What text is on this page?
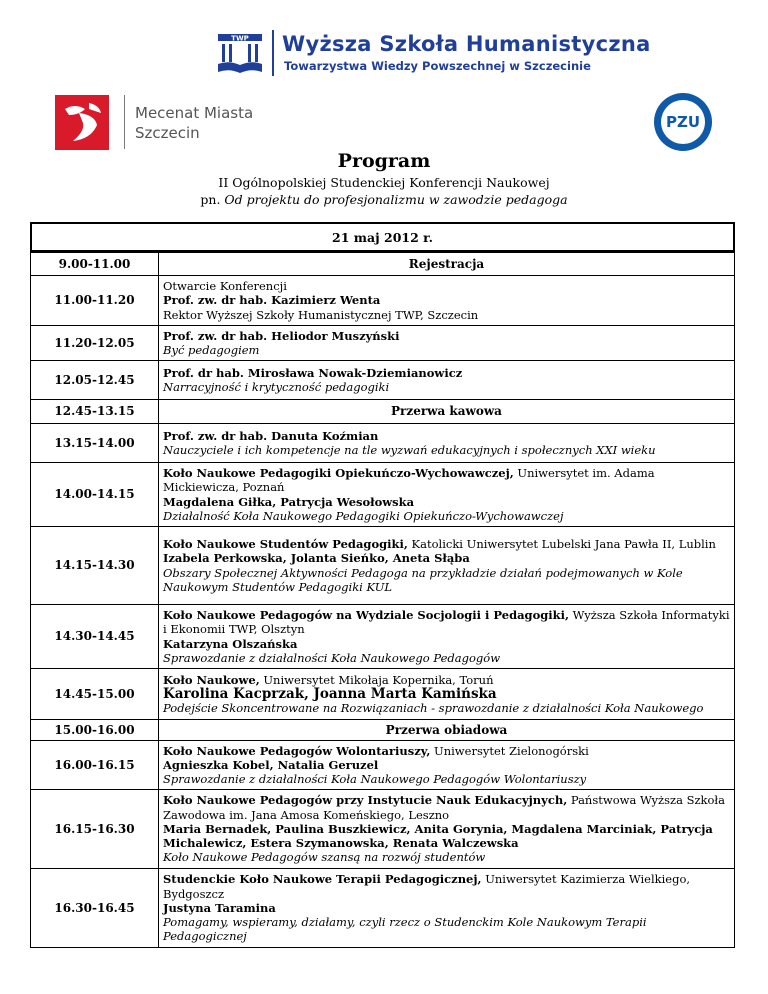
TWP Wyższa Szkoła Humanistyczna
Towarzystwa Wiedzy Powszechnej w Szczecinie
Mecenat Miasta
Szczecin
PZU
Program
II Ogólnopolskiej Studenckiej Konferencji Naukowej
pn. Od projektu do profesjonalizmu w zawodzie pedagoga
21 maj 2012 r.
9.00-11.00	Rejestracja
11.00-11.20	Otwarcie Konferencji
Prof. zw. dr hab. Kazimierz Wenta
Rektor Wyższej Szkoły Humanistycznej TWP, Szczecin

11.20-12.05	Prof. zw. dr hab. Heliodor Muszyński
Być pedagogiem

12.05-12.45	Prof. dr hab. Mirosława Nowak-Dziemianowicz
Narracyjność i krytyczność pedagogiki

12.45-13.15	Przerwa kawowa
13.15-14.00	Prof. zw. dr hab. Danuta Koźmian
Nauczyciele i ich kompetencje na tle wyzwań edukacyjnych i społecznych XXI wieku

14.00-14.15	Koło Naukowe Pedagogiki Opiekuńczo-Wychowawczej, Uniwersytet im. Adama Mickiewicza, Poznań
Magdalena Giłka, Patrycja Wesołowska
Działalność Koła Naukowego Pedagogiki Opiekuńczo-Wychowawczej

14.15-14.30	Koło Naukowe Studentów Pedagogiki, Katolicki Uniwersytet Lubelski Jana Pawła II, Lublin
Izabela Perkowska, Jolanta Sieńko, Aneta Słąba
Obszary Społecznej Aktywności Pedagoga na przykładzie działań podejmowanych w Kole Naukowym Studentów Pedagogiki KUL

14.30-14.45	Koło Naukowe Pedagogów na Wydziale Socjologii i Pedagogiki, Wyższa Szkoła Informatyki i Ekonomii TWP, Olsztyn
Katarzyna Olszańska
Sprawozdanie z działalności Koła Naukowego Pedagogów

14.45-15.00	Koło Naukowe, Uniwersytet Mikołaja Kopernika, Toruń
Karolina Kacprzak, Joanna Marta Kamińska
Podejście Skoncentrowane na Rozwiązaniach - sprawozdanie z działalności Koła Naukowego

15.00-16.00	Przerwa obiadowa
16.00-16.15	Koło Naukowe Pedagogów Wolontariuszy, Uniwersytet Zielonogórski
Agnieszka Kobel, Natalia Geruzel
Sprawozdanie z działalności Koła Naukowego Pedagogów Wolontariuszy

16.15-16.30	Koło Naukowe Pedagogów przy Instytucie Nauk Edukacyjnych, Państwowa Wyższa Szkoła Zawodowa im. Jana Amosa Komeńskiego, Leszno
Maria Bernadek, Paulina Buszkiewicz, Anita Gorynia, Magdalena Marciniak, Patrycja Michalewicz, Estera Szymanowska, Renata Walczewska
Koło Naukowe Pedagogów szansą na rozwój studentów

16.30-16.45	Studenckie Koło Naukowe Terapii Pedagogicznej, Uniwersytet Kazimierza Wielkiego, Bydgoszcz
Justyna Taramina
Pomagamy, wspieramy, działamy, czyli rzecz o Studenckim Kole Naukowym Terapii Pedagogicznej
